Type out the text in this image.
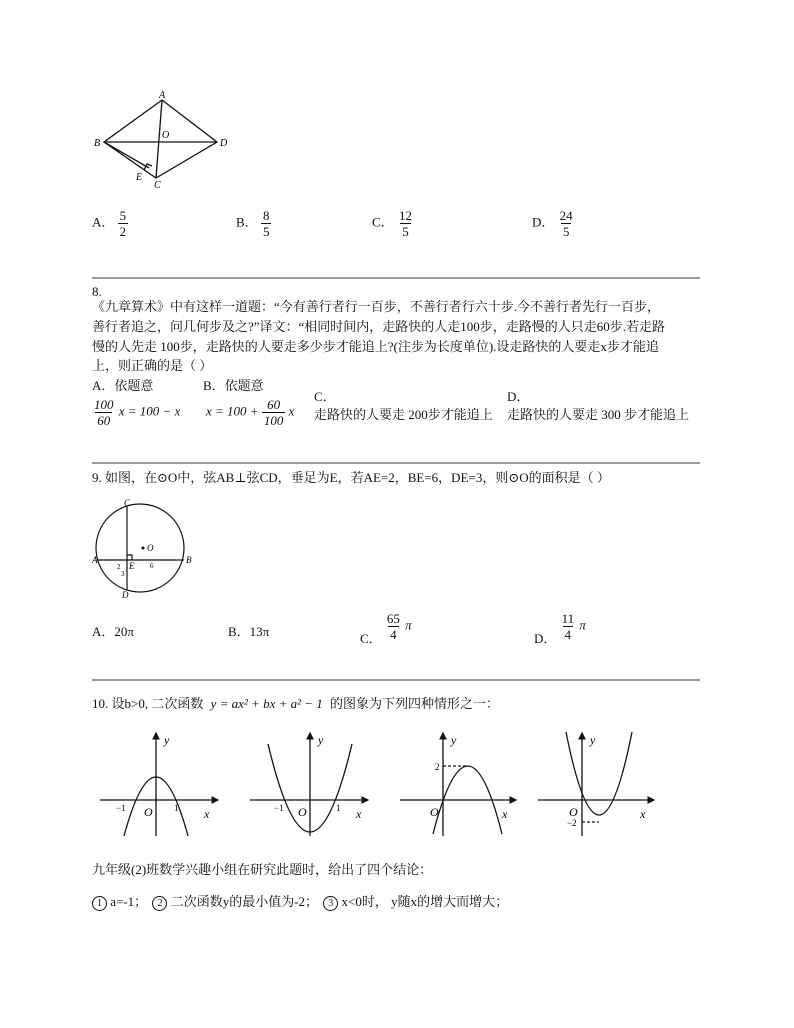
A
B	D
O
E
C
A． $\frac{5}{2}$	B． $\frac{8}{5}$	C． $\frac{12}{5}$	D． $\frac{24}{5}$
8.
《九章算术》中有这样一道题：“今有善行者行一百步，不善行者行六十步.今不善行者先行一百步，
善行者追之，问几何步及之?”译文：“相同时间内，走路快的人走100步，走路慢的人只走60步.若走路
慢的人先走 100步，走路快的人要走多少步才能追上?(注步为长度单位).设走路快的人要走x步才能追
上，则正确的是（ ）
A．依题意
$\frac{100}{60}$ x = 100 − x
B．依题意
$x = 100 + \frac{60}{100}$ x
C．
走路快的人要走 200步才能追上
D．
走路快的人要走 300 步才能追上
9. 如图，在⊙O中，弦AB⊥弦CD，垂足为E，若AE=2，BE=6，DE=3，则⊙O的面积是（ ）
C
O
A	B
E
2
3
6
D
A．20π	B．13π	C． $\frac{65}{4}$ π
D． $\frac{11}{4}$ π
10. 设b>0, 二次函数 y = ax² + bx + a² − 1 的图象为下列四种情形之一：
y
x
O
−1	1
y
x
O
−1	1
y
x
O
2
y
x
O
−2
九年级(2)班数学兴趣小组在研究此题时，给出了四个结论：
1 a=-1； 2 二次函数y的最小值为-2； 3 x<0时， y随x的增大而增大；
